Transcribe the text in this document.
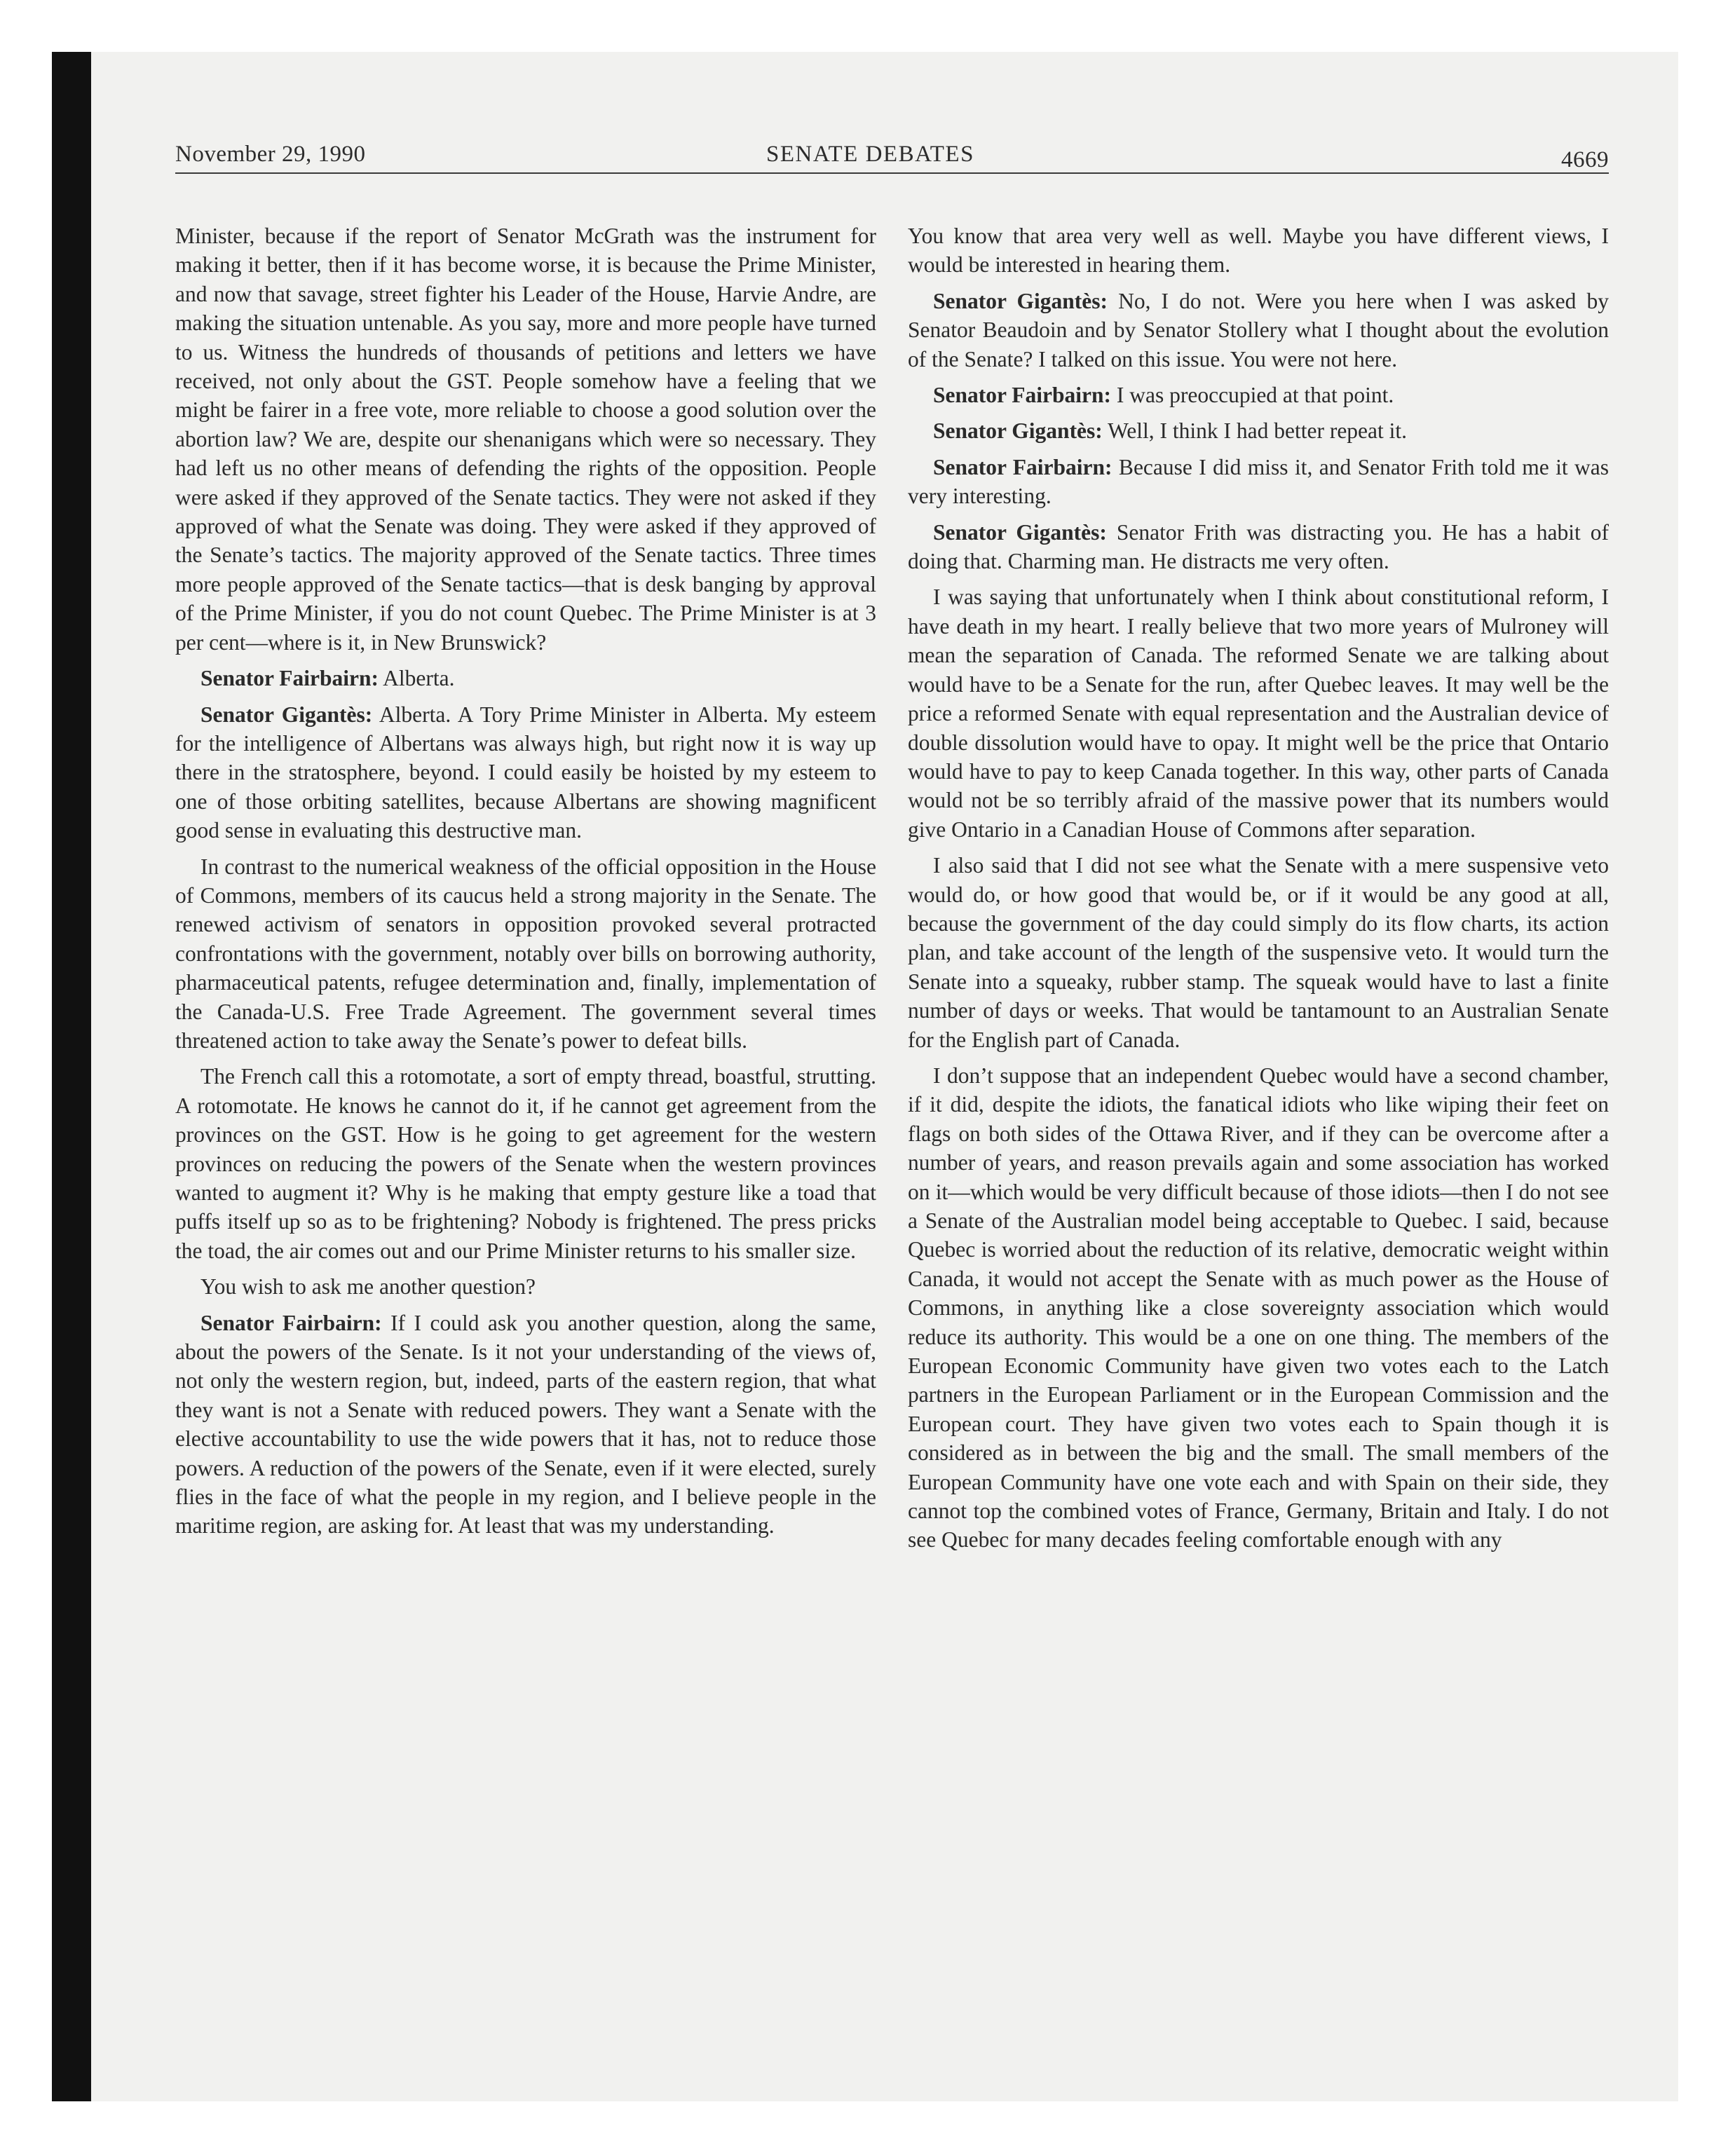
November 29, 1990	SENATE DEBATES	4669

Minister, because if the report of Senator McGrath was the instrument for making it better, then if it has become worse, it is because the Prime Minister, and now that savage, street fighter his Leader of the House, Harvie Andre, are making the situation untenable. As you say, more and more people have turned to us. Witness the hundreds of thousands of petitions and letters we have received, not only about the GST. People somehow have a feeling that we might be fairer in a free vote, more reliable to choose a good solution over the abortion law? We are, despite our shenanigans which were so necessary. They had left us no other means of defending the rights of the opposition. People were asked if they approved of the Senate tactics. They were not asked if they approved of what the Senate was doing. They were asked if they approved of the Senate’s tactics. The majority approved of the Senate tactics. Three times more people approved of the Senate tactics—that is desk banging by approval of the Prime Minister, if you do not count Quebec. The Prime Minister is at 3 per cent—where is it, in New Brunswick?

Senator Fairbairn: Alberta.

Senator Gigantès: Alberta. A Tory Prime Minister in Alberta. My esteem for the intelligence of Albertans was always high, but right now it is way up there in the stratosphere, beyond. I could easily be hoisted by my esteem to one of those orbiting satellites, because Albertans are showing magnificent good sense in evaluating this destructive man.

In contrast to the numerical weakness of the official opposition in the House of Commons, members of its caucus held a strong majority in the Senate. The renewed activism of senators in opposition provoked several protracted confrontations with the government, notably over bills on borrowing authority, pharmaceutical patents, refugee determination and, finally, implementation of the Canada-U.S. Free Trade Agreement. The government several times threatened action to take away the Senate’s power to defeat bills.

The French call this a rotomotate, a sort of empty thread, boastful, strutting. A rotomotate. He knows he cannot do it, if he cannot get agreement from the provinces on the GST. How is he going to get agreement for the western provinces on reducing the powers of the Senate when the western provinces wanted to augment it? Why is he making that empty gesture like a toad that puffs itself up so as to be frightening? Nobody is frightened. The press pricks the toad, the air comes out and our Prime Minister returns to his smaller size.

You wish to ask me another question?

Senator Fairbairn: If I could ask you another question, along the same, about the powers of the Senate. Is it not your understanding of the views of, not only the western region, but, indeed, parts of the eastern region, that what they want is not a Senate with reduced powers. They want a Senate with the elective accountability to use the wide powers that it has, not to reduce those powers. A reduction of the powers of the Senate, even if it were elected, surely flies in the face of what the people in my region, and I believe people in the maritime region, are asking for. At least that was my understanding.

You know that area very well as well. Maybe you have different views, I would be interested in hearing them.

Senator Gigantès: No, I do not. Were you here when I was asked by Senator Beaudoin and by Senator Stollery what I thought about the evolution of the Senate? I talked on this issue. You were not here.

Senator Fairbairn: I was preoccupied at that point.

Senator Gigantès: Well, I think I had better repeat it.

Senator Fairbairn: Because I did miss it, and Senator Frith told me it was very interesting.

Senator Gigantès: Senator Frith was distracting you. He has a habit of doing that. Charming man. He distracts me very often.

I was saying that unfortunately when I think about constitutional reform, I have death in my heart. I really believe that two more years of Mulroney will mean the separation of Canada. The reformed Senate we are talking about would have to be a Senate for the run, after Quebec leaves. It may well be the price a reformed Senate with equal representation and the Australian device of double dissolution would have to opay. It might well be the price that Ontario would have to pay to keep Canada together. In this way, other parts of Canada would not be so terribly afraid of the massive power that its numbers would give Ontario in a Canadian House of Commons after separation.

I also said that I did not see what the Senate with a mere suspensive veto would do, or how good that would be, or if it would be any good at all, because the government of the day could simply do its flow charts, its action plan, and take account of the length of the suspensive veto. It would turn the Senate into a squeaky, rubber stamp. The squeak would have to last a finite number of days or weeks. That would be tantamount to an Australian Senate for the English part of Canada.

I don’t suppose that an independent Quebec would have a second chamber, if it did, despite the idiots, the fanatical idiots who like wiping their feet on flags on both sides of the Ottawa River, and if they can be overcome after a number of years, and reason prevails again and some association has worked on it—which would be very difficult because of those idiots—then I do not see a Senate of the Australian model being acceptable to Quebec. I said, because Quebec is worried about the reduction of its relative, democratic weight within Canada, it would not accept the Senate with as much power as the House of Commons, in anything like a close sovereignty association which would reduce its authority. This would be a one on one thing. The members of the European Economic Community have given two votes each to the Latch partners in the European Parliament or in the European Commission and the European court. They have given two votes each to Spain though it is considered as in between the big and the small. The small members of the European Community have one vote each and with Spain on their side, they cannot top the combined votes of France, Germany, Britain and Italy. I do not see Quebec for many decades feeling comfortable enough with any
